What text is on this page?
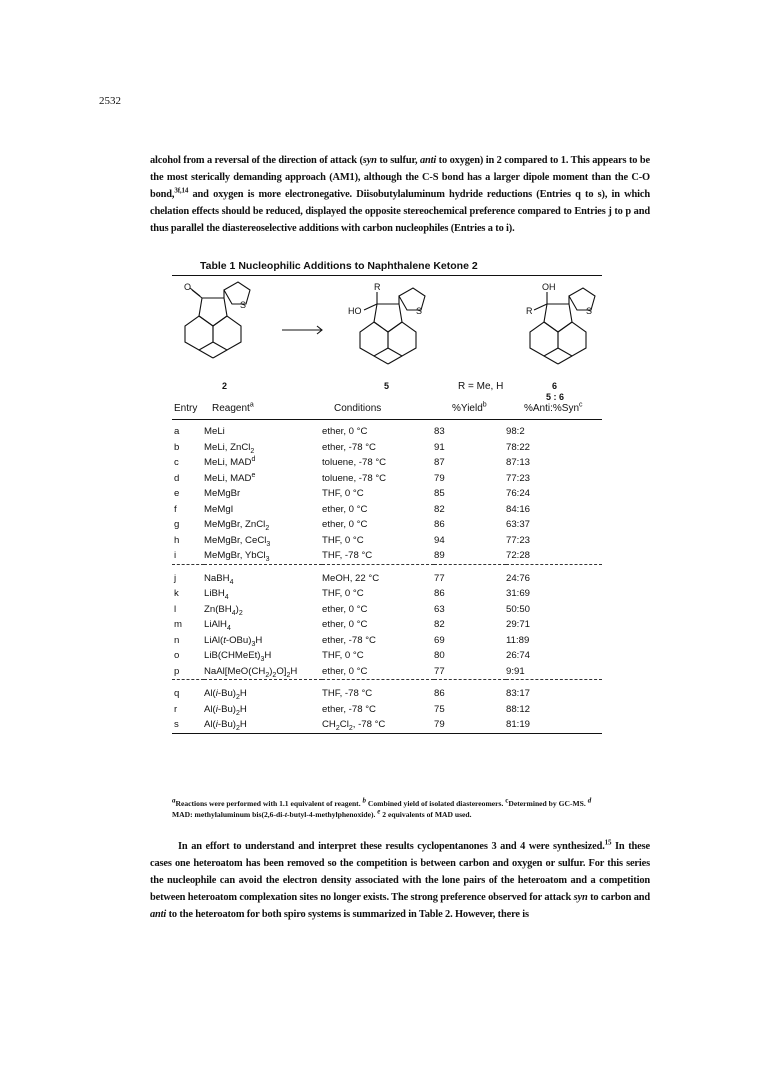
2532
alcohol from a reversal of the direction of attack (syn to sulfur, anti to oxygen) in 2 compared to 1. This appears to be the most sterically demanding approach (AM1), although the C-S bond has a larger dipole moment than the C-O bond,$^{3f,14}$ and oxygen is more electronegative. Diisobutylaluminum hydride reductions (Entries q to s), in which chelation effects should be reduced, displayed the opposite stereochemical preference compared to Entries j to p and thus parallel the diastereoselective additions with carbon nucleophiles (Entries a to i).
Table 1 Nucleophilic Additions to Naphthalene Ketone 2
O
S
R
HO	S
OH
R	S
2	5	R = Me, H	6
5 : 6
Entry Reagent$^a$	Conditions	%Yield$^b$	%Anti:%Syn$^c$
a	MeLi	ether, 0 °C	83	98:2
b	MeLi, ZnCl$_2$	ether, -78 °C	91	78:22
c	MeLi, MAD$^d$	toluene, -78 °C	87	87:13
d	MeLi, MAD$^e$	toluene, -78 °C	79	77:23
e	MeMgBr	THF, 0 °C	85	76:24
f	MeMgI	ether, 0 °C	82	84:16
g	MeMgBr, ZnCl$_2$	ether, 0 °C	86	63:37
h	MeMgBr, CeCl$_3$	THF, 0 °C	94	77:23
i	MeMgBr, YbCl$_3$	THF, -78 °C	89	72:28

j	NaBH$_4$	MeOH, 22 °C	77	24:76
k	LiBH$_4$	THF, 0 °C	86	31:69
l	$Zn(BH_4)_2$	ether, 0 °C	63	50:50
m	LiAlH$_4$	ether, 0 °C	82	29:71
n	$LiAl(t-OBu)_3H$	ether, -78 °C	69	11:89
o	$LiB(CHMeEt)_3H$	THF, 0 °C	80	26:74
p	$NaAl[MeO(CH_2)_2O]_2H$	ether, 0 °C	77	9:91

q	$Al(i-Bu)_2H$	THF, -78 °C	86	83:17
r	$Al(i-Bu)_2H$	ether, -78 °C	75	88:12
s	$Al(i-Bu)_2H$	$CH_2Cl_2$, -78 °C	79	81:19

$^a$Reactions were performed with 1.1 equivalent of reagent. $^b$ Combined yield of isolated diastereomers. $^c$Determined by GC-MS. $^d$ MAD: methylaluminum bis(2,6-di-t-butyl-4-methylphenoxide). $^e$ 2 equivalents of MAD used.
In an effort to understand and interpret these results cyclopentanones 3 and 4 were synthesized.$^{15}$ In these cases one heteroatom has been removed so the competition is between carbon and oxygen or sulfur. For this series the nucleophile can avoid the electron density associated with the lone pairs of the heteroatom and a competition between heteroatom complexation sites no longer exists. The strong preference observed for attack syn to carbon and anti to the heteroatom for both spiro systems is summarized in Table 2. However, there is
